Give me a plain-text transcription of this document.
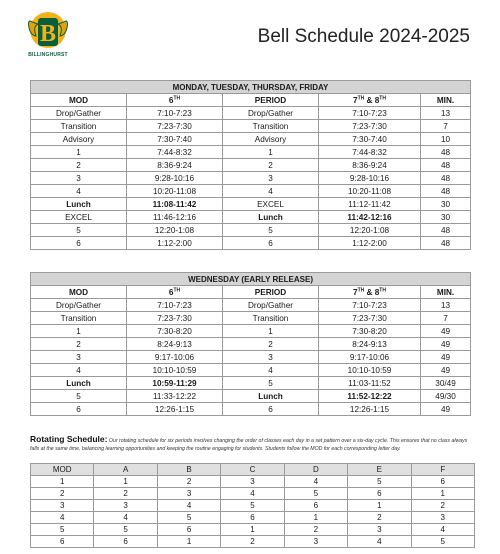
B
BILLINGHURST
Bell Schedule 2024-2025
MONDAY, TUESDAY, THURSDAY, FRIDAY				
MOD	6TH	PERIOD	7TH & 8TH	MIN.
Drop/Gather	7:10-7:23	Drop/Gather	7:10-7:23	13
Transition	7:23-7:30	Transition	7:23-7:30	7
Advisory	7:30-7:40	Advisory	7:30-7:40	10
1	7:44-8:32	1	7:44-8:32	48
2	8:36-9:24	2	8:36-9:24	48
3	9:28-10:16	3	9:28-10:16	48
4	10:20-11:08	4	10:20-11:08	48
Lunch	11:08-11:42	EXCEL	11:12-11:42	30
EXCEL	11:46-12:16	Lunch	11:42-12:16	30
5	12:20-1:08	5	12:20-1:08	48
6	1:12-2:00	6	1:12-2:00	48
WEDNESDAY (EARLY RELEASE)				
MOD	6TH	PERIOD	7TH & 8TH	MIN.
Drop/Gather	7:10-7:23	Drop/Gather	7:10-7:23	13
Transition	7:23-7:30	Transition	7:23-7:30	7
1	7:30-8:20	1	7:30-8:20	49
2	8:24-9:13	2	8:24-9:13	49
3	9:17-10:06	3	9:17-10:06	49
4	10:10-10:59	4	10:10-10:59	49
Lunch	10:59-11:29	5	11:03-11:52	30/49
5	11:33-12:22	Lunch	11:52-12:22	49/30
6	12:26-1:15	6	12:26-1:15	49
Rotating Schedule: Our rotating schedule for six periods involves changing the order of classes each day in a set pattern over a six-day cycle. This ensures that no class always falls at the same time, balancing learning opportunities and keeping the routine engaging for students. Students follow the MOD for each corresponding letter day.
MOD	A	B	C	D	E	F
1	1	2	3	4	5	6
2	2	3	4	5	6	1
3	3	4	5	6	1	2
4	4	5	6	1	2	3
5	5	6	1	2	3	4
6	6	1	2	3	4	5
